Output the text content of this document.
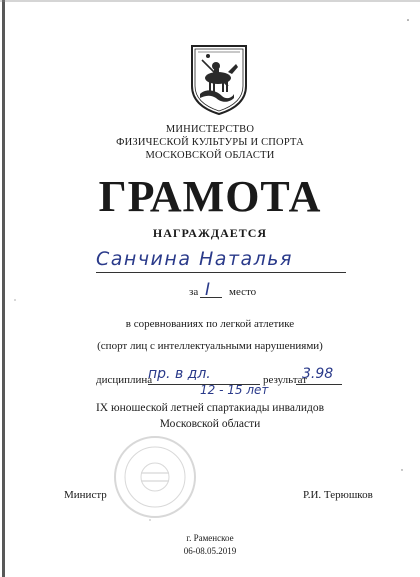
МИНИСТЕРСТВО
ФИЗИЧЕСКОЙ КУЛЬТУРЫ И СПОРТА
МОСКОВСКОЙ ОБЛАСТИ
ГРАМОТА
НАГРАЖДАЕТСЯ
Санчина Наталья
за I место
в соревнованиях по легкой атлетике
(спорт лиц с интеллектуальными нарушениями)
дисциплина
пр. в дл.	результат
3.98
12 - 15 лет
IX юношеской летней спартакиады инвалидов
Московской области
Министр	Р.И. Терюшков
г. Раменское
06-08.05.2019
